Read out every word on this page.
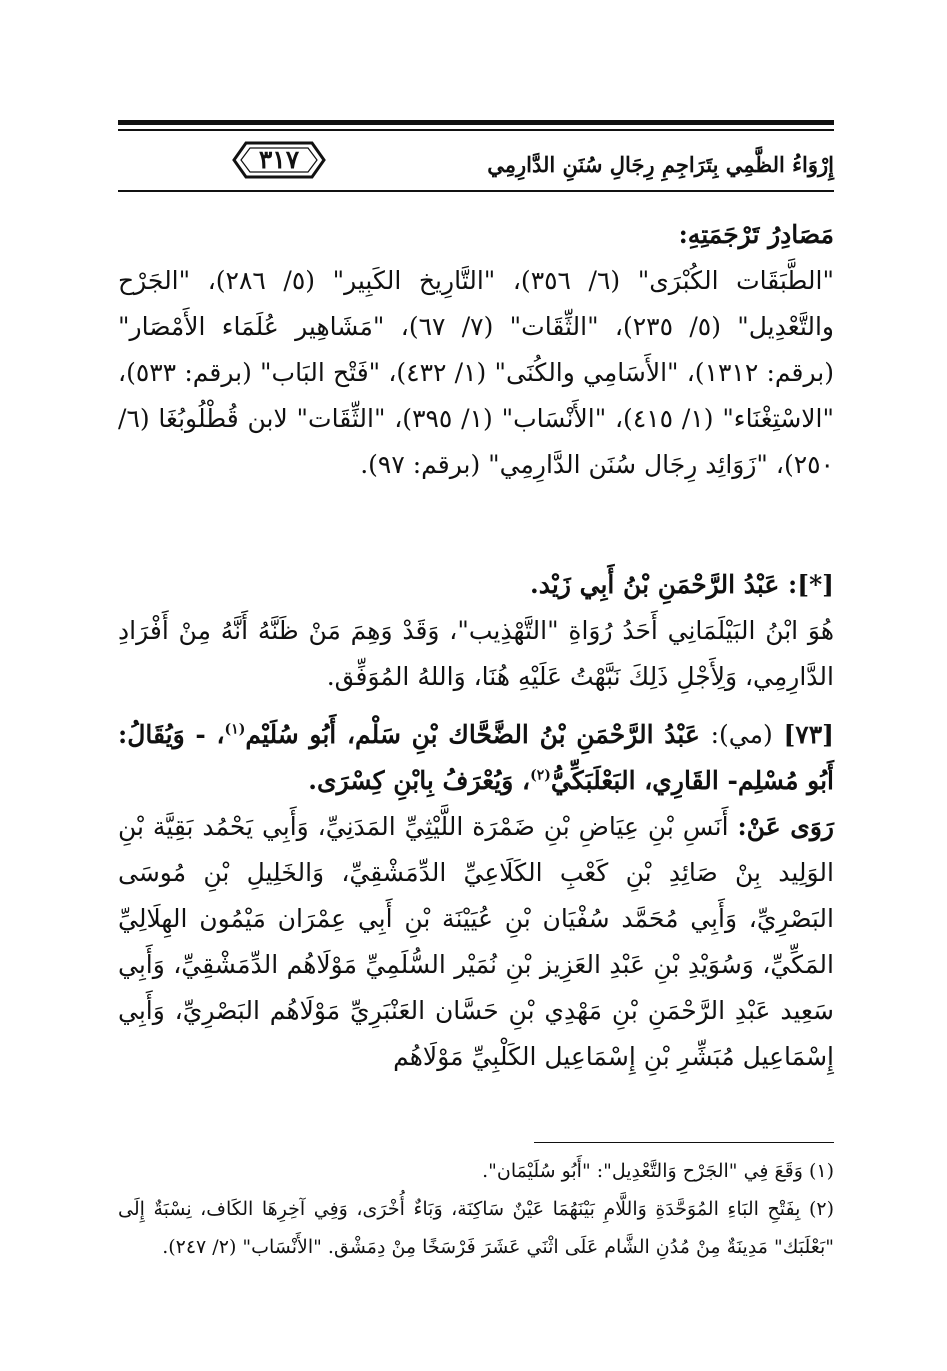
٣١٧	إِرْوَاءُ الظَّمِي بِتَرَاجِمِ رِجَالِ سُنَنِ الدَّارِمِي

مَصَادِرُ تَرْجَمَتِهِ:

"الطَّبَقَات الكُبْرَى" (٦/ ٣٥٦)، "التَّارِيخ الكَبِير" (٥/ ٢٨٦)، "الجَرْح والتَّعْدِيل" (٥/ ٢٣٥)، "الثِّقَات" (٧/ ٦٧)، "مَشَاهِير عُلَمَاء الأَمْصَار" (برقم: ١٣١٢)، "الأَسَامِي والكُنَى" (١/ ٤٣٢)، "فَتْح البَاب" (برقم: ٥٣٣)، "الاسْتِغْنَاء" (١/ ٤١٥)، "الأَنْسَاب" (١/ ٣٩٥)، "الثِّقَات" لابن قُطْلُوبُغَا (٦/ ٢٥٠)، "زَوَائِد رِجَال سُنَن الدَّارِمِي" (برقم: ٩٧).

[*]: عَبْدُ الرَّحْمَنِ بْنُ أَبِي زَيْد.

هُوَ ابْنُ البَيْلَمَانِي أَحَدُ رُوَاةِ "التَّهْذِيب"، وَقَدْ وَهِمَ مَنْ ظَنَّهُ أَنَّهُ مِنْ أَفْرَادِ الدَّارِمِي، وَلِأَجْلِ ذَلِكَ نَبَّهْتُ عَلَيْهِ هُنَا، وَاللهُ المُوَفِّق.

[٧٣] (مي): عَبْدُ الرَّحْمَنِ بْنُ الضَّحَّاك بْنِ سَلْم، أَبُو سُلَيْم$^{(١)}$، - وَيُقَالُ: أَبُو مُسْلِم- القَارِي، البَعْلَبَكِّيُّ$^{(٢)}$، وَيُعْرَفُ بِابْنِ كِسْرَى.

رَوَى عَنْ: أَنَسِ بْنِ عِيَاضِ بْنِ ضَمْرَة اللَّيْثِيِّ المَدَنِيِّ، وَأَبِي يَحْمُد بَقِيَّة بْنِ الوَلِيد بِنْ صَائِدِ بْنِ كَعْبِ الكَلَاعِيِّ الدِّمَشْقِيِّ، وَالخَلِيلِ بْنِ مُوسَى البَصْرِيِّ، وَأَبِي مُحَمَّد سُفْيَان بْنِ عُيَيْنَة بْنِ أَبِي عِمْرَان مَيْمُون الهِلَالِيِّ المَكِّيِّ، وَسُوَيْدِ بْنِ عَبْدِ العَزِيز بْنِ نُمَيْر السُّلَمِيِّ مَوْلَاهُم الدِّمَشْقِيِّ، وَأَبِي سَعِيد عَبْدِ الرَّحْمَنِ بْنِ مَهْدِي بْنِ حَسَّان العَنْبَرِيِّ مَوْلَاهُم البَصْرِيِّ، وَأَبِي إِسْمَاعِيل مُبَشِّرِ بْنِ إِسْمَاعِيل الكَلْبِيِّ مَوْلَاهُم

(١) وَقَعَ فِي "الجَرْح وَالتَّعْدِيل": "أَبُو سُلَيْمَان".

(٢) بِفَتْحِ البَاءِ المُوَحَّدَةِ وَاللَّامِ بَيْنَهُمَا عَيْنٌ سَاكِنَة، وَبَاءٌ أُخْرَى، وَفِي آخِرِهَا الكَاف، نِسْبَةٌ إِلَى "بَعْلَبَك" مَدِينَةٌ مِنْ مُدُنِ الشَّام عَلَى اثْنَي عَشَرَ فَرْسَخًا مِنْ دِمَشْق. "الأَنْسَاب" (٢/ ٢٤٧).
